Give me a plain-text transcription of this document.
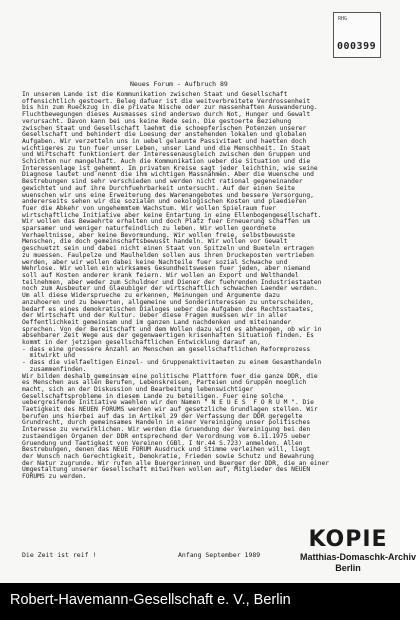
RHG
000399
Neues Forum - Aufbruch 89
In unserem Lande ist die Kommunikation zwischen Staat und Gesellschaft
offensichtlich gestoert. Beleg dafuer ist die weitverbreitete Verdrossenheit
bis hin zum Rueckzug in die private Nische oder zur massenhaften Auswanderung.
Fluchtbewegungen dieses Ausmasses sind anderswo durch Not, Hunger und Gewalt
verursacht. Davon kann bei uns keine Rede sein. Die gestoerte Beziehung
zwischen Staat und Gesellschaft laehmt die schoepferischen Potenzen unserer
Gesellschaft und behindert die Loesung der anstehenden lokalen und globalen
Aufgaben. Wir verzetteln uns in uebel gelaunte Passivitaet und haetten doch
wichtigeres zu tun fuer unser Leben, unser Land und die Menschheit. In Staat
und Wirtschaft funktioniert der Interessenausgleich zwischen den Gruppen und
Schichten nur mangelhaft. Auch die Kommunikation ueber die Situation und die
Interessenlage ist gehemmt. Im privaten Kreise sagt jeder leichthin, wie seine
Diagnose lautet und nennt die ihm wichtigen Massnahmen. Aber die Wuensche und
Bestrebungen sind sehr verschieden und werden nicht rational gegeneinander
gewichtet und auf ihre Durchfuehrbarkeit untersucht. Auf der einen Seite
wuenschen wir uns eine Erweiterung des Warenangebotes und bessere Versorgung,
andererseits sehen wir die sozialen und oekologischen Kosten und plaedieren
fuer die Abkehr von ungehemmtem Wachstum. Wir wollen Spielraum fuer
wirtschaftliche Initiative aber keine Entartung in eine Ellenbogengesellschaft.
Wir wollen das Bewaehrte erhalten und doch Platz fuer Erneuerung schaffen um
sparsamer und weniger naturfeindlich zu leben. Wir wollen geordnete
Verhaeltnisse, aber keine Bevormundung. Wir wollen freie, selbstbewusste
Menschen, die doch gemeinschaftsbewusst handeln. Wir wollen vor Gewalt
geschuetzt sein und dabei nicht einen Staat von Spitzeln und Bueteln ertragen
zu muessen. Faulpelze und Maulhelden sollen aus ihren Druckeposten vertrieben
werden, aber wir wollen dabei keine Nachteile fuer sozial Schwache und
Wehrlose. Wir wollen ein wirksames Gesundheitswesen fuer jeden, aber niemand
soll auf Kosten anderer krank feiern. Wir wollen an Export und Welthandel
teilnehmen, aber weder zum Schuldner und Diener der fuehrenden Industriestaaten
noch zum Ausbeuter und Glaeubiger der wirtschaftlich schwachen Laender werden.
Um all diese Widersprueche zu erkennen, Meinungen und Argumente dazu
anzuhoeren und zu bewerten, allgemeine und Sonderinteressen zu unterscheiden,
bedarf es eines demokratischen Dialoges ueber die Aufgaben des Rechtsstaates,
der Wirtschaft und der Kultur. Ueber diese Fragen muessen wir in aller
Oeffentlichkeit gemeinsam und im ganzen Land nachdenken und miteinander
sprechen. Von der Bereitschaft und dem Wollen dazu wird es abhaengen, ob wir in
absehbarer Zeit Wege aus der gegenwaertigen krisenhaften Situation finden. Es
kommt in der jetzigen gesellschaftlichen Entwicklung darauf an,
- dass eine groessere Anzahl an Menschen am gesellschaftlichen Reformprozess
mitwirkt und
- dass die vielfaeltigen Einzel- und Gruppenaktivitaeten zu einem Gesamthandeln
zusammenfinden.
Wir bilden deshalb gemeinsam eine politische Plattform fuer die ganze DDR, die
es Menschen aus allen Berufen, Lebenskreisen, Parteien und Gruppen moeglich
macht, sich an der Diskussion und Bearbeitung lebenswichtiger
Gesellschaftsprobleme in diesem Lande zu beteiligen. Fuer eine solche
uebergreifende Initiative waehlen wir den Namen " N E U E S  F O R U M ". Die
Taetigkeit des NEUEN FORUMS werden wir auf gesetzliche Grundlagen stellen. Wir
berufen uns hierbei auf das im Artikel 29 der Verfassung der DDR geregelte
Grundrecht, durch gemeinsames Handeln in einer Vereinigung unser politisches
Interesse zu verwirklichen. Wir werden die Gruendung der Vereinigung bei den
zustaendigen Organen der DDR entsprechend der Verordnung vom 6.11.1975 ueber
Gruendung und Taetigkeit von Vereinen (GBl. I Nr.44 S.723) anmelden. Allen
Bestrebungen, denen das NEUE FORUM Ausdruck und Stimme verleihen will, liegt
der Wunsch nach Gerechtigkeit, Demokratie, Frieden sowie Schutz und Bewahrung
der Natur zugrunde. Wir rufen alle Buergerinnen und Buerger der DDR, die an einer
Umgestaltung unserer Gesellschaft mitwirken wollen auf, Mitglieder des NEUEN
FORUMS zu werden.
Die Zeit ist reif !	Anfang September 1989
KOPIE
Matthias-Domaschk-Archiv
Berlin
Robert-Havemann-Gesellschaft e. V., Berlin
